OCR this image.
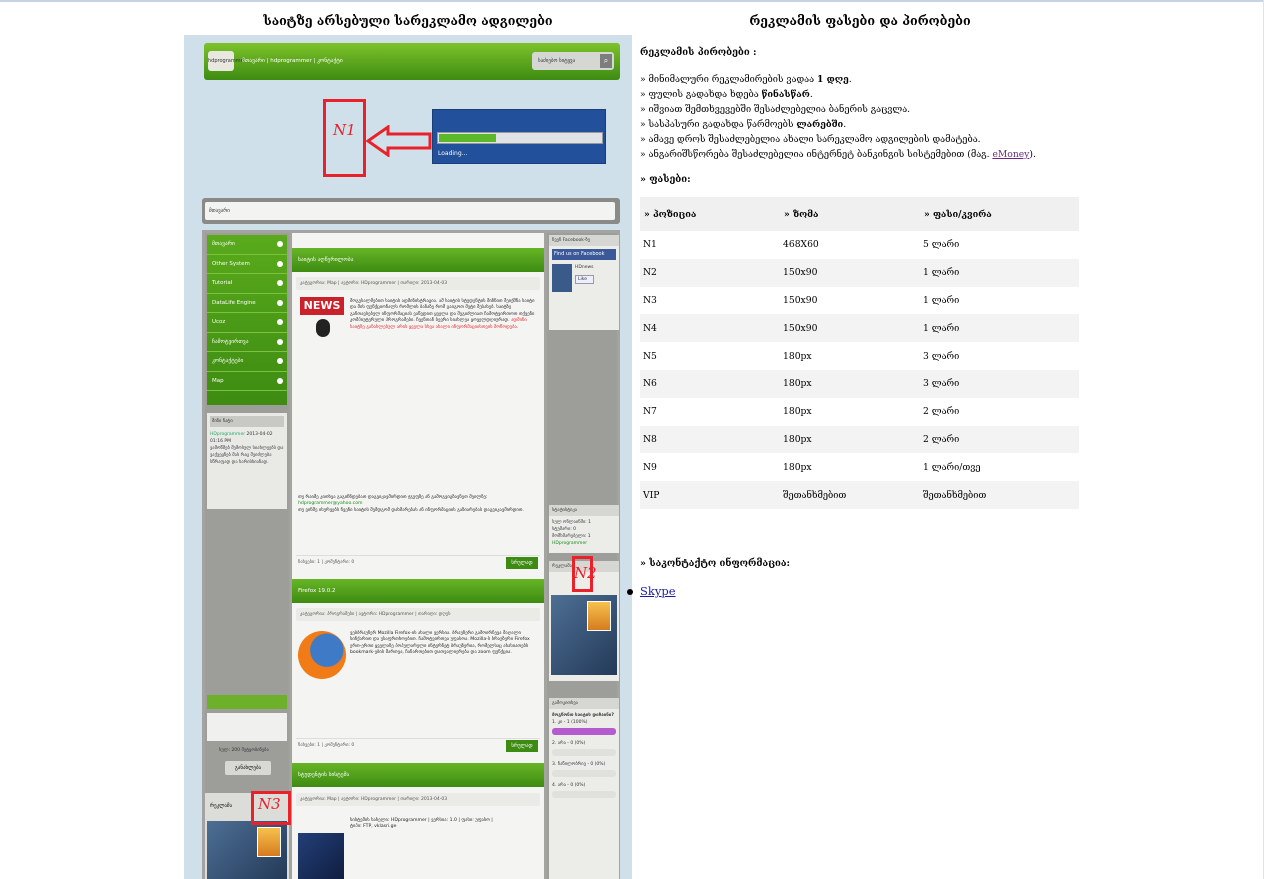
საიტზე არსებული სარეკლამო ადგილები	რეკლამის ფასები და პირობები
hdprogrammer
მთავარი | hdprogrammer | კონტაქტი	საძიებო სიტყვა	⌕
N1
Loading...
მთავარი
მთავარი
Other System
Tutorial
DataLife Engine
Ucoz
ჩამოტვირთვა
კონტაქტები
Map
მინი ჩატი
HDprogrammer 2013-04-02 01:16 PM
ვამოწმებ შემოსულ სიახლეებს და ვაქვეყნებ მას რაც შეიძლება სწრაფად და ხარისხიანად.
სულ: 200 შეტყობინება
განახლება
რეკლამა	N3
საიტის აღწერილობა
კატეგორია: Map | ავტორი: HDprogrammer | თარიღი: 2013-04-03
NEWS	მოგესალმებით საიტის ადმინისტრაცია. ამ საიტის სტუდენტის მიზნით შეიქმნა საიტი და მის ფუნქციონალს რომლის ბაზაზე რომ გაიგოთ მეტი შესახებ. საიტზე განთავსებულ ინფორმაციას ვაწვდით ყველა და შეგიძლიათ ჩამოტვირთოთ თქვენი კომპიუტერული პროგრამები. ჩვენთან ბევრი სიახლეა ყოველდღიურად. ადმინი საიტზე განახლებულ არის ყველა სხვა ახალი ინფორმაციისთვის მოწოდება.
თუ რაიმე კითხვა გაგიჩნდებათ დაგვიკავშირდით ჯგუფზე ან გამოგვიგზავნეთ მეილზე:
hdprogrammer@yahoo.com
თუ ვინმე ისურვებს ჩვენი საიტის შემდგომ დახმარებას ან ინფორმაციის გაზიარებას დაგვიკავშირდით.
ნახვები: 1 | კომენტარი: 0	სრულად
Firefox 19.0.2
კატეგორია: პროგრამები | ავტორი: HDprogrammer | თარიღი: დღეს
ვებბრაუზერ Mozilla Firefox-ის ახალი ვერსია. ბრაუზერი გამოირჩევა მაღალი სიჩქარით და უსაფრთხოებით. ჩამოტვირთვა უფასოა. Mozilla-ს ბრაუზერი Firefox ერთ-ერთი ყველაზე პოპულარული ინტერნეტ ბრაუზერია, რომელსაც ახასიათებს bookmark-ების მართვა, ჩანართებით დათვალიერება და zoom ფუნქცია.
ნახვები: 1 | კომენტარი: 0	სრულად
სტუდენტის სისტემა
კატეგორია: Map | ავტორი: HDprogrammer | თარიღი: 2013-04-03
სისტემის სახელი: HDprogrammer | ვერსია: 1.0 | ფასი: უფასო | ტიპი: FTP, vklasri.ge
ჩვენ Facebook-ზე
Find us on Facebook
HDnews
Like
სტატისტიკა
სულ ონლაინში: 1
სტუმარი: 0
მომხმარებელი: 1
HDprogrammer
რეკლამა
გამოკითხვა
მოგწონთ საიტის დიზაინი?
1. კი - 1 (100%)
2. არა - 0 (0%)
3. ნაწილობრივ - 0 (0%)
4. არა - 0 (0%)
N2
რეკლამის პირობები :
» მინიმალური რეკლამირების ვადაა 1 დღე.
» ფულის გადახდა ხდება წინასწარ.
» იშვიათ შემთხვევებში შესაძლებელია ბანერის გაცვლა.
» სასპასური გადახდა წარმოებს ლარებში.
» ამავე დროს შესაძლებელია ახალი სარეკლამო ადგილების დამატება.
» ანგარიშსწორება შესაძლებელია ინტერნეტ ბანკინგის სისტემებით (მაგ. eMoney).
» ფასები:
» პოზიცია	» ზომა	» ფასი/კვირა
N1	468X60	5 ლარი
N2	150x90	1 ლარი
N3	150x90	1 ლარი
N4	150x90	1 ლარი
N5	180px	3 ლარი
N6	180px	3 ლარი
N7	180px	2 ლარი
N8	180px	2 ლარი
N9	180px	1 ლარი/თვე
VIP	შეთანხმებით	შეთანხმებით
» საკონტაქტო ინფორმაცია:
Skype
